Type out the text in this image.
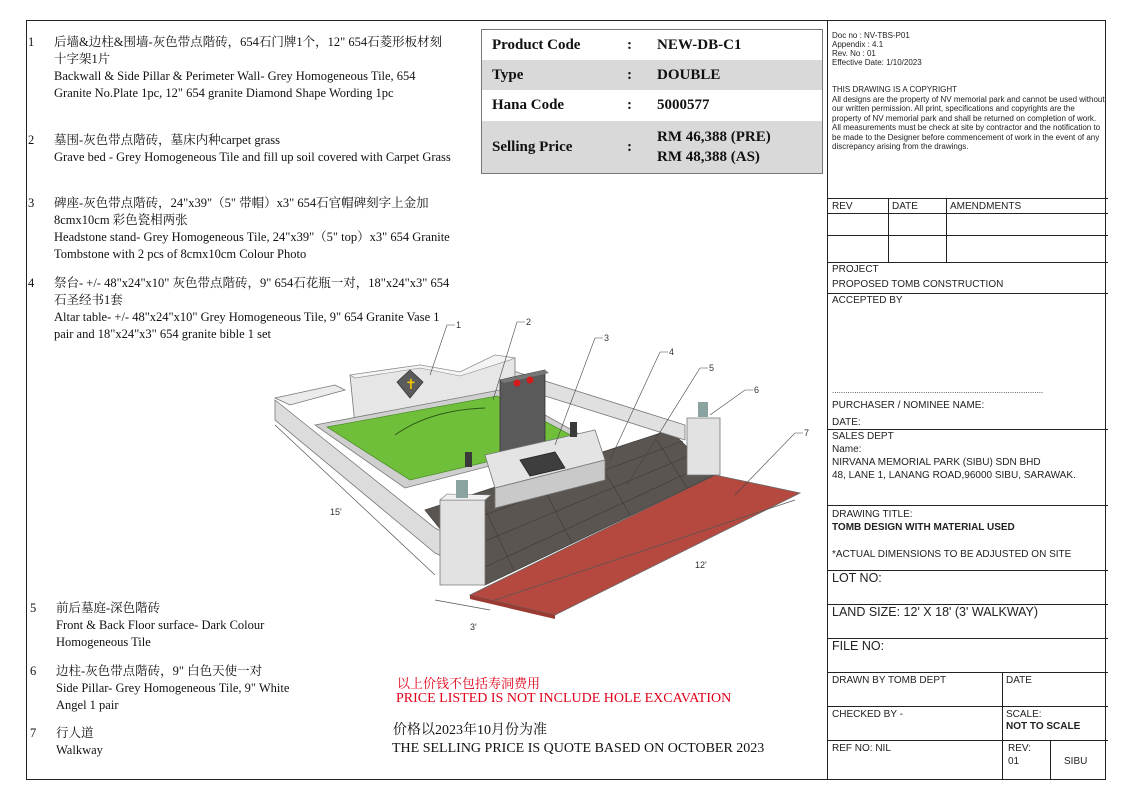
1 后墙&边柱&围墙-灰色带点階砖，654石门牌1个，12" 654石菱形板材刻十字架1片
Backwall & Side Pillar & Perimeter Wall- Grey Homogeneous Tile, 654 Granite No.Plate 1pc, 12" 654 granite Diamond Shape Wording 1pc
2 墓围-灰色带点階砖，墓床内种carpet grass
Grave bed - Grey Homogeneous Tile and fill up soil covered with Carpet Grass
3 碑座-灰色带点階砖，24"x39"（5" 带帽）x3" 654石官帽碑刻字上金加8cmx10cm 彩色瓷相两张
Headstone stand- Grey Homogeneous Tile, 24"x39"（5" top）x3" 654 Granite Tombstone with 2 pcs of 8cmx10cm Colour Photo
4 祭台- +/- 48"x24"x10" 灰色带点階砖，9" 654石花瓶一对，18"x24"x3" 654石圣经书1套
Altar table- +/- 48"x24"x10" Grey Homogeneous Tile, 9" 654 Granite Vase 1 pair and 18"x24"x3" 654 granite bible 1 set
5 前后墓庭-深色階砖
Front & Back Floor surface- Dark Colour Homogeneous Tile
6 边柱-灰色带点階砖，9" 白色天使一对
Side Pillar- Grey Homogeneous Tile, 9" White Angel 1 pair
7 行人道
Walkway
Product Code	:	NEW-DB-C1
Type	:	DOUBLE
Hana Code	:	5000577
Selling Price	:
RM 46,388 (PRE)
RM 48,388 (AS)
✝
15'
12'
3'
1	2
3
4
5
6
7
以上价钱不包括寿洞费用
PRICE LISTED IS NOT INCLUDE HOLE EXCAVATION
价格以2023年10月份为准
THE SELLING PRICE IS QUOTE BASED ON OCTOBER 2023
Doc no : NV-TBS-P01
Appendix : 4.1
Rev. No : 01
Effective Date: 1/10/2023
THIS DRAWING IS A COPYRIGHT
All designs are the property of NV memorial park and cannot be used without our written permission. All print, specifications and copyrights are the property of NV memorial park and shall be returned on completion of work. All measurements must be check at site by contractor and the notification to be made to the Designer before commencement of work in the event of any discrepancy arising from the drawings.
REV	DATE	AMENDMENTS
PROJECT
PROPOSED TOMB CONSTRUCTION
ACCEPTED BY
...............................................................................................
PURCHASER / NOMINEE NAME:
DATE:
SALES DEPT
Name:
NIRVANA MEMORIAL PARK (SIBU) SDN BHD
48, LANE 1, LANANG ROAD,96000 SIBU, SARAWAK.
DRAWING TITLE:
TOMB DESIGN WITH MATERIAL USED
*ACTUAL DIMENSIONS TO BE ADJUSTED ON SITE
LOT NO:
LAND SIZE: 12' X 18' (3' WALKWAY)
FILE NO:
DRAWN BY TOMB DEPT	DATE
CHECKED BY -	SCALE:
NOT TO SCALE
REF NO: NIL	REV:
01	SIBU
